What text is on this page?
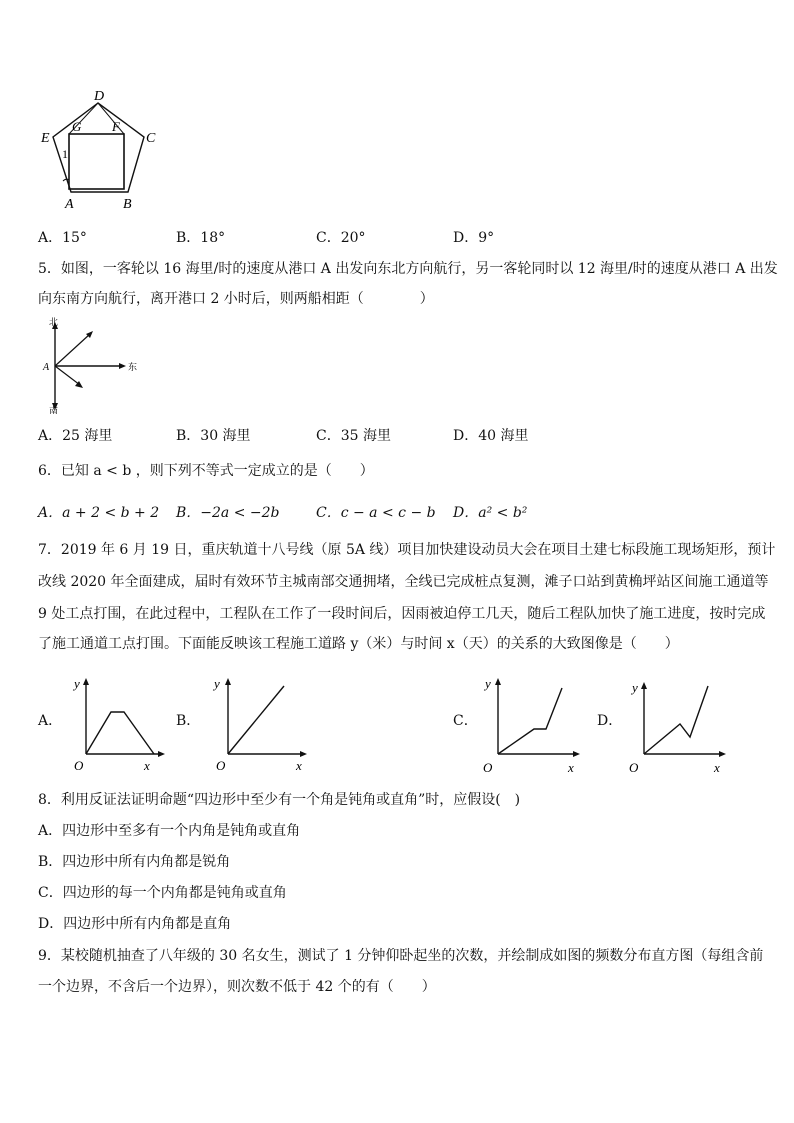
D
E
G F
C
A	B
1
A．15°	B．18°	C．20°	D．9°
5．如图，一客轮以 16 海里/时的速度从港口 A 出发向东北方向航行，另一客轮同时以 12 海里/时的速度从港口 A 出发
向东南方向航行，离开港口 2 小时后，则两船相距（　　　　）
北
南
东
A
A．25 海里	B．30 海里	C．35 海里	D．40 海里
6．已知 a < b ，则下列不等式一定成立的是（　　）
A．a + 2 < b + 2 B．−2a < −2b	C．c − a < c − b D．a² < b²
7．2019 年 6 月 19 日，重庆轨道十八号线（原 5A 线）项目加快建设动员大会在项目土建七标段施工现场矩形，预计
改线 2020 年全面建成，届时有效环节主城南部交通拥堵，全线已完成桩点复测，滩子口站到黄桷坪站区间施工通道等
9 处工点打围，在此过程中，工程队在工作了一段时间后，因雨被迫停工几天，随后工程队加快了施工进度，按时完成
了施工通道工点打围。下面能反映该工程施工道路 y（米）与时间 x（天）的关系的大致图像是（　　）
A．
y
x
O
B．
y
x
O
C．
y
x
O
D．
y
x
O
8．利用反证法证明命题“四边形中至少有一个角是钝角或直角”时，应假设(　)
A．四边形中至多有一个内角是钝角或直角
B．四边形中所有内角都是锐角
C．四边形的每一个内角都是钝角或直角
D．四边形中所有内角都是直角
9．某校随机抽查了八年级的 30 名女生，测试了 1 分钟仰卧起坐的次数，并绘制成如图的频数分布直方图（每组含前
一个边界，不含后一个边界），则次数不低于 42 个的有（　　）
